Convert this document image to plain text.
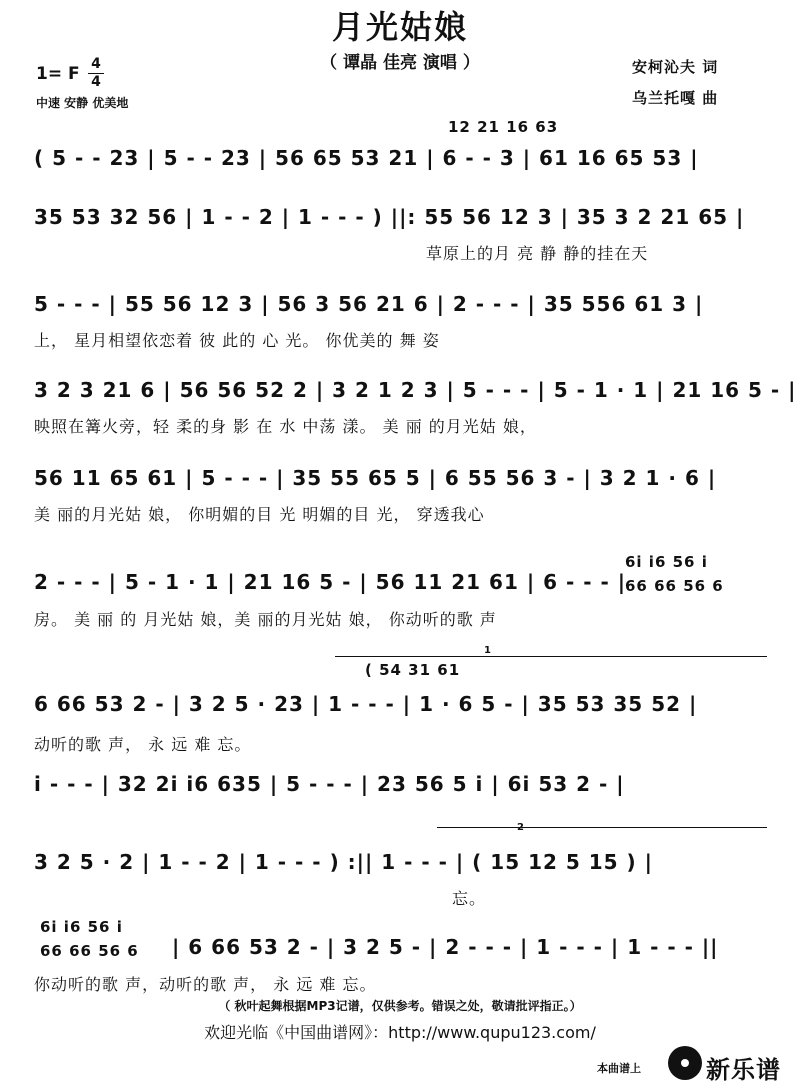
月光姑娘
（ 谭晶 佳亮 演唱 ）
1= F 4
4
中速 安静 优美地
安柯沁夫 词
乌兰托嘎 曲
12 21 16 63
( 5 - - 23 | 5 - - 23 | 56 65 53 21 | 6 - - 3 | 61 16 65 53 |
35 53 32 56 | 1 - - 2 | 1 - - - ) ||: 55 56 12 3 | 35 3 2 21 65 |
草原上的月 亮 静 静的挂在天
5 - - - | 55 56 12 3 | 56 3 56 21 6 | 2 - - - | 35 556 61 3 |
上， 星月相望依恋着 彼 此的 心 光。 你优美的 舞 姿
3 2 3 21 6 | 56 56 52 2 | 3 2 1 2 3 | 5 - - - | 5 - 1 · 1 | 21 16 5 - |
映照在篝火旁，轻 柔的身 影 在 水 中荡 漾。 美 丽 的月光姑 娘，
56 11 65 61 | 5 - - - | 35 55 65 5 | 6 55 56 3 - | 3 2 1 · 6 |
美 丽的月光姑 娘， 你明媚的目 光 明媚的目 光， 穿透我心
2 - - - | 5 - 1 · 1 | 21 16 5 - | 56 11 21 61 | 6 - - - |
6i i6 56 i
66 66 56 6
房。 美 丽 的 月光姑 娘，美 丽的月光姑 娘， 你动听的歌 声
1
( 54 31 61
6 66 53 2 - | 3 2 5 · 23 | 1 - - - | 1 · 6 5 - | 35 53 35 52 |
动听的歌 声， 永 远 难 忘。
i - - - | 32 2i i6 635 | 5 - - - | 23 56 5 i | 6i 53 2 - |
2
3 2 5 · 2 | 1 - - 2 | 1 - - - ) :|| 1 - - - | ( 15 12 5 15 ) |
忘。
6i i6 56 i
66 66 56 6 | 6 66 53 2 - | 3 2 5 - | 2 - - - | 1 - - - | 1 - - - ||
你动听的歌 声，动听的歌 声， 永 远 难 忘。
（ 秋叶起舞根据MP3记谱，仅供参考。错误之处，敬请批评指正。）
欢迎光临《中国曲谱网》：http://www.qupu123.com/
本曲谱上	新乐谱
